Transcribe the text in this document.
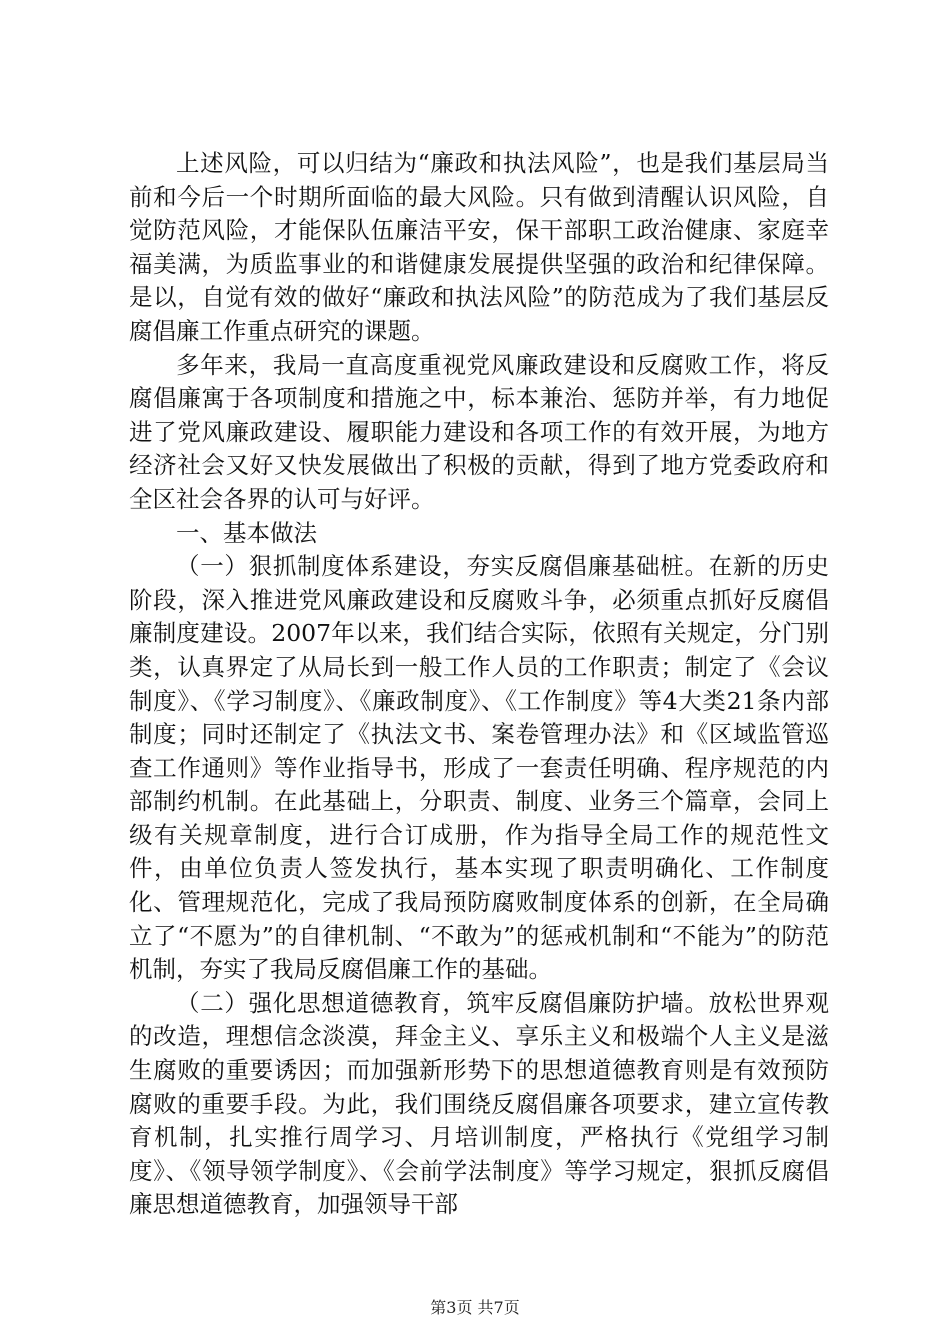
上述风险，可以归结为“廉政和执法风险”，也是我们基层局当前和今后一个时期所面临的最大风险。只有做到清醒认识风险，自觉防范风险，才能保队伍廉洁平安，保干部职工政治健康、家庭幸福美满，为质监事业的和谐健康发展提供坚强的政治和纪律保障。是以，自觉有效的做好“廉政和执法风险”的防范成为了我们基层反腐倡廉工作重点研究的课题。

多年来，我局一直高度重视党风廉政建设和反腐败工作，将反腐倡廉寓于各项制度和措施之中，标本兼治、惩防并举，有力地促进了党风廉政建设、履职能力建设和各项工作的有效开展，为地方经济社会又好又快发展做出了积极的贡献，得到了地方党委政府和全区社会各界的认可与好评。

一、基本做法

（一）狠抓制度体系建设，夯实反腐倡廉基础桩。在新的历史阶段，深入推进党风廉政建设和反腐败斗争，必须重点抓好反腐倡廉制度建设。2007年以来，我们结合实际，依照有关规定，分门别类，认真界定了从局长到一般工作人员的工作职责；制定了《会议制度》、《学习制度》、《廉政制度》、《工作制度》等4大类21条内部制度；同时还制定了《执法文书、案卷管理办法》和《区域监管巡查工作通则》等作业指导书，形成了一套责任明确、程序规范的内部制约机制。在此基础上，分职责、制度、业务三个篇章，会同上级有关规章制度，进行合订成册，作为指导全局工作的规范性文件，由单位负责人签发执行，基本实现了职责明确化、工作制度化、管理规范化，完成了我局预防腐败制度体系的创新，在全局确立了“不愿为”的自律机制、“不敢为”的惩戒机制和“不能为”的防范机制，夯实了我局反腐倡廉工作的基础。

（二）强化思想道德教育，筑牢反腐倡廉防护墙。放松世界观的改造，理想信念淡漠，拜金主义、享乐主义和极端个人主义是滋生腐败的重要诱因；而加强新形势下的思想道德教育则是有效预防腐败的重要手段。为此，我们围绕反腐倡廉各项要求，建立宣传教育机制，扎实推行周学习、月培训制度，严格执行《党组学习制度》、《领导领学制度》、《会前学法制度》等学习规定，狠抓反腐倡廉思想道德教育，加强领导干部

第3页 共7页
